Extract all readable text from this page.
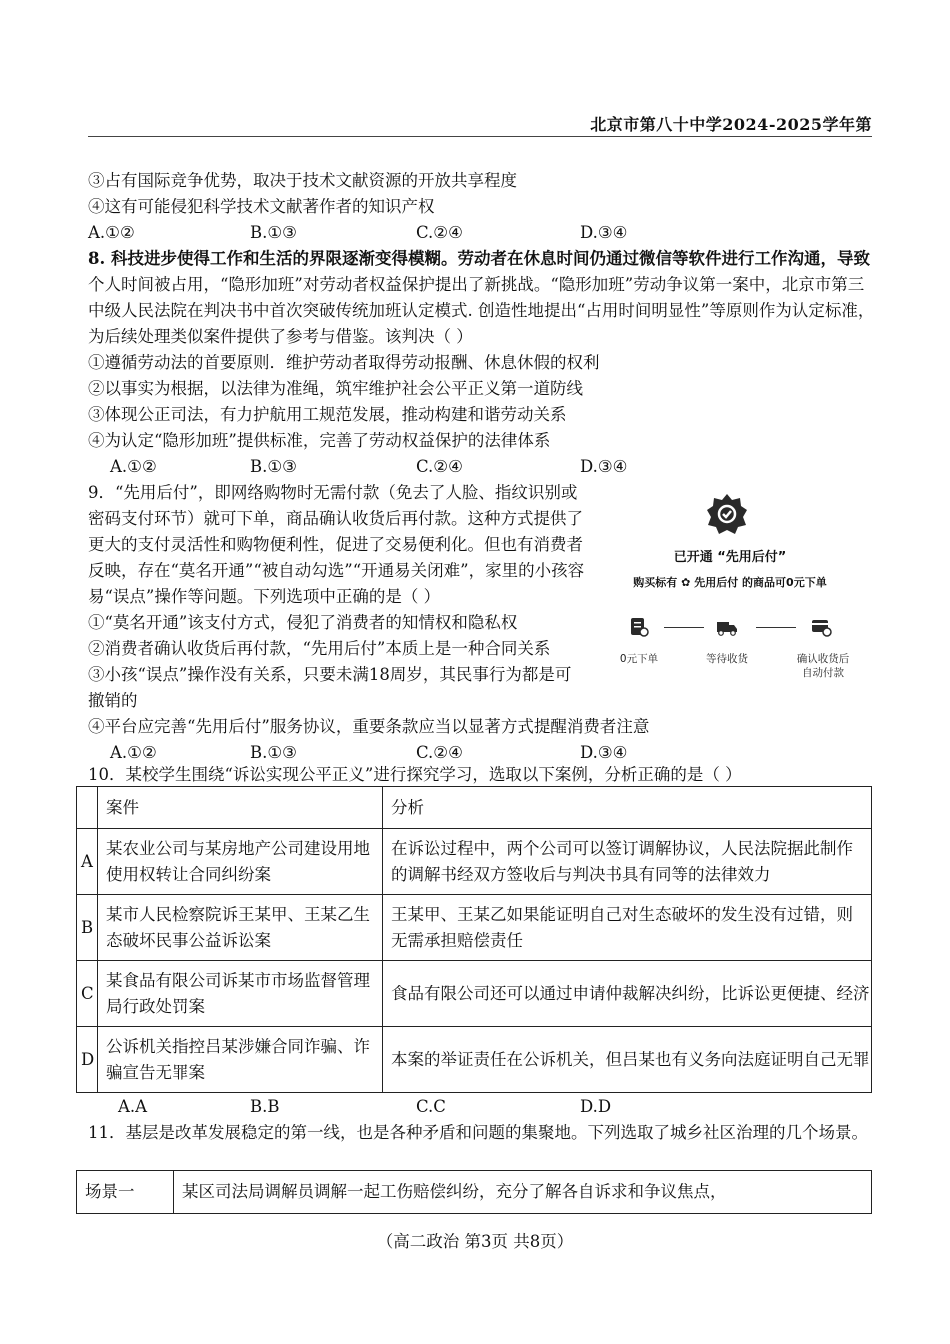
北京市第八十中学2024-2025学年第
③占有国际竞争优势，取决于技术文献资源的开放共享程度
④这有可能侵犯科学技术文献著作者的知识产权
A.①②	B.①③	C.②④	D.③④
8. 科技进步使得工作和生活的界限逐渐变得模糊。劳动者在休息时间仍通过微信等软件进行工作沟通，导致
个人时间被占用，“隐形加班”对劳动者权益保护提出了新挑战。“隐形加班”劳动争议第一案中，北京市第三
中级人民法院在判决书中首次突破传统加班认定模式. 创造性地提出“占用时间明显性”等原则作为认定标准，
为后续处理类似案件提供了参考与借鉴。该判决（ ）
①遵循劳动法的首要原则．维护劳动者取得劳动报酬、休息休假的权利
②以事实为根据，以法律为准绳，筑牢维护社会公平正义第一道防线
③体现公正司法，有力护航用工规范发展，推动构建和谐劳动关系
④为认定“隐形加班”提供标准，完善了劳动权益保护的法律体系
A.①②	B.①③	C.②④	D.③④
9．“先用后付”，即网络购物时无需付款（免去了人脸、指纹识别或
密码支付环节）就可下单，商品确认收货后再付款。这种方式提供了
更大的支付灵活性和购物便利性，促进了交易便利化。但也有消费者
反映，存在“莫名开通”“被自动勾选”“开通易关闭难”，家里的小孩容
易“误点”操作等问题。下列选项中正确的是（ ）
①“莫名开通”该支付方式，侵犯了消费者的知情权和隐私权
②消费者确认收货后再付款，“先用后付”本质上是一种合同关系
③小孩“误点”操作没有关系，只要未满18周岁，其民事行为都是可
撤销的
④平台应完善“先用后付”服务协议，重要条款应当以显著方式提醒消费者注意
A.①②	B.①③	C.②④	D.③④
已开通 “先用后付”
购买标有 ✿ 先用后付 的商品可0元下单
0元下单	等待收货	确认收货后
自动付款
10．某校学生围绕“诉讼实现公平正义”进行探究学习，选取以下案例，分析正确的是（ ）
	案件	分析
A	某农业公司与某房地产公司建设用地使用权转让合同纠纷案	在诉讼过程中，两个公司可以签订调解协议，人民法院据此制作的调解书经双方签收后与判决书具有同等的法律效力
B	某市人民检察院诉王某甲、王某乙生态破坏民事公益诉讼案	王某甲、王某乙如果能证明自己对生态破坏的发生没有过错，则无需承担赔偿责任
C	某食品有限公司诉某市市场监督管理局行政处罚案	食品有限公司还可以通过申请仲裁解决纠纷，比诉讼更便捷、经济
D	公诉机关指控吕某涉嫌合同诈骗、诈骗宣告无罪案	本案的举证责任在公诉机关，但吕某也有义务向法庭证明自己无罪
A.A	B.B	C.C	D.D
11．基层是改革发展稳定的第一线，也是各种矛盾和问题的集聚地。下列选取了城乡社区治理的几个场景。
场景一	某区司法局调解员调解一起工伤赔偿纠纷，充分了解各自诉求和争议焦点，
（高二政治 第3页 共8页）
